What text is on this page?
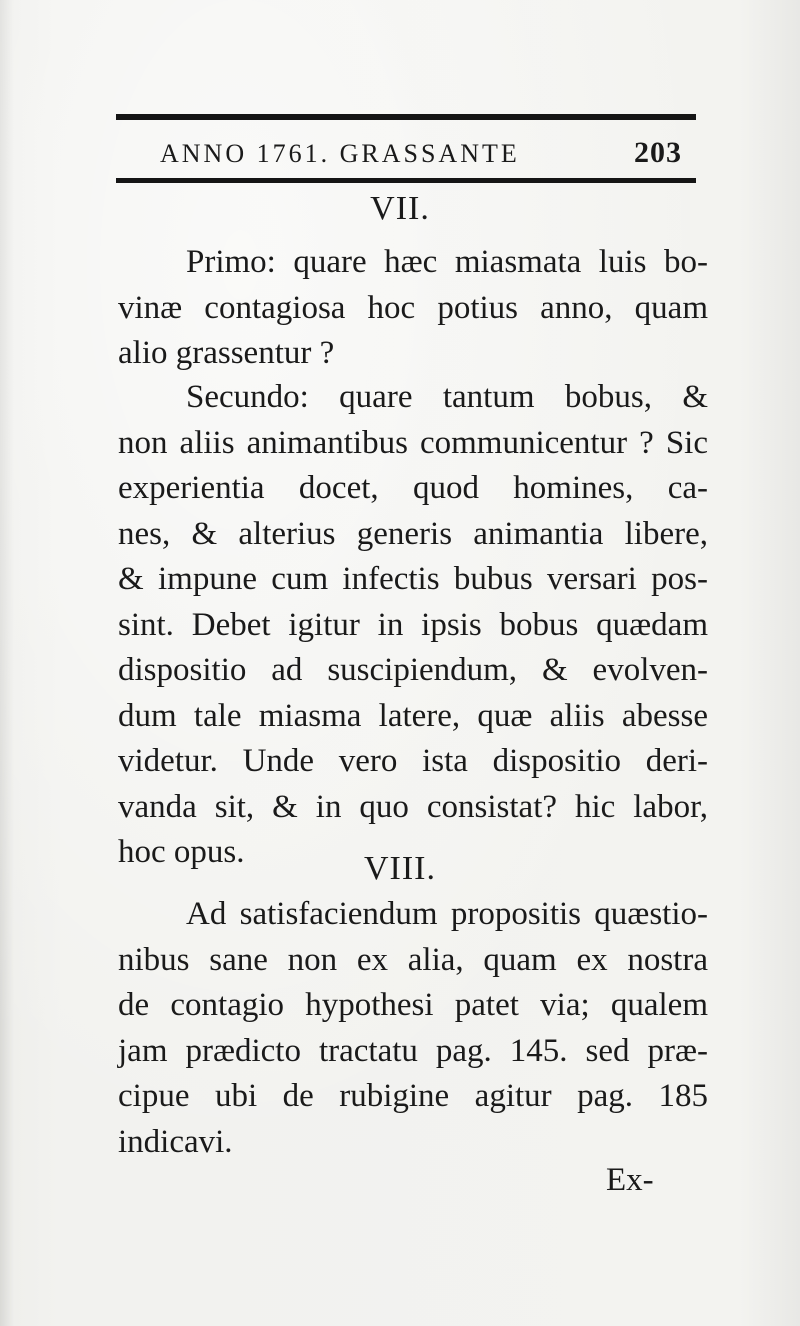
ANNO 1761. GRASSANTE	203
VII.
Primo: quare hæc miasmata luis bo-
vinæ contagiosa hoc potius anno, quam
alio grassentur ?
Secundo: quare tantum bobus, &
non aliis animantibus communicentur ? Sic
experientia docet, quod homines, ca-
nes, & alterius generis animantia libere,
& impune cum infectis bubus versari pos-
sint. Debet igitur in ipsis bobus quædam
dispositio ad suscipiendum, & evolven-
dum tale miasma latere, quæ aliis abesse
videtur. Unde vero ista dispositio deri-
vanda sit, & in quo consistat? hic labor,
hoc opus.	VIII.
Ad satisfaciendum propositis quæstio-
nibus sane non ex alia, quam ex nostra
de contagio hypothesi patet via; qualem
jam prædicto tractatu pag. 145. sed præ-
cipue ubi de rubigine agitur pag. 185
indicavi.
Ex-
